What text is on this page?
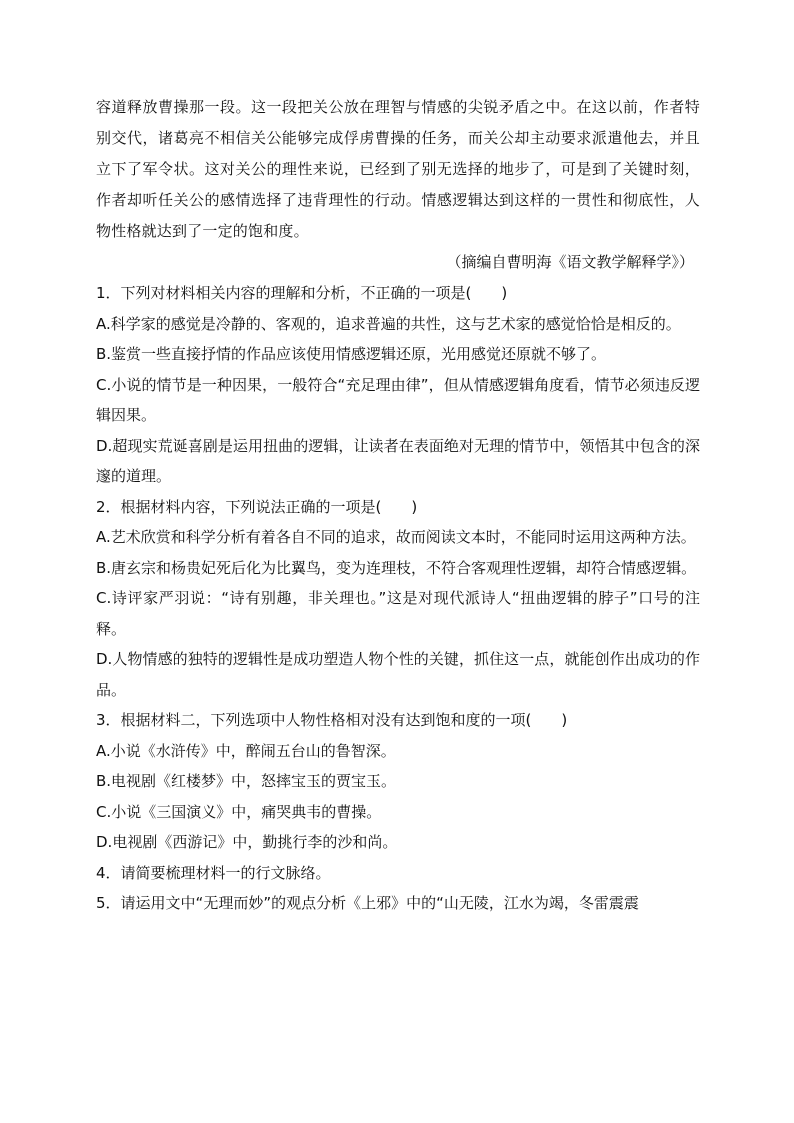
容道释放曹操那一段。这一段把关公放在理智与情感的尖锐矛盾之中。在这以前，作者特别交代，诸葛亮不相信关公能够完成俘虏曹操的任务，而关公却主动要求派遣他去，并且立下了军令状。这对关公的理性来说，已经到了别无选择的地步了，可是到了关键时刻，作者却听任关公的感情选择了违背理性的行动。情感逻辑达到这样的一贯性和彻底性，人物性格就达到了一定的饱和度。
（摘编自曹明海《语文教学解释学》）

1．下列对材料相关内容的理解和分析，不正确的一项是(　　)

A.科学家的感觉是冷静的、客观的，追求普遍的共性，这与艺术家的感觉恰恰是相反的。

B.鉴赏一些直接抒情的作品应该使用情感逻辑还原，光用感觉还原就不够了。

C.小说的情节是一种因果，一般符合“充足理由律”，但从情感逻辑角度看，情节必须违反逻辑因果。

D.超现实荒诞喜剧是运用扭曲的逻辑，让读者在表面绝对无理的情节中，领悟其中包含的深邃的道理。

2．根据材料内容，下列说法正确的一项是(　　)

A.艺术欣赏和科学分析有着各自不同的追求，故而阅读文本时，不能同时运用这两种方法。

B.唐玄宗和杨贵妃死后化为比翼鸟，变为连理枝，不符合客观理性逻辑，却符合情感逻辑。

C.诗评家严羽说：“诗有别趣，非关理也。”这是对现代派诗人“扭曲逻辑的脖子”口号的注释。

D.人物情感的独特的逻辑性是成功塑造人物个性的关键，抓住这一点，就能创作出成功的作品。

3．根据材料二，下列选项中人物性格相对没有达到饱和度的一项(　　)

A.小说《水浒传》中，醉闹五台山的鲁智深。

B.电视剧《红楼梦》中，怒摔宝玉的贾宝玉。

C.小说《三国演义》中，痛哭典韦的曹操。

D.电视剧《西游记》中，勤挑行李的沙和尚。

4．请简要梳理材料一的行文脉络。

5．请运用文中“无理而妙”的观点分析《上邪》中的“山无陵，江水为竭，冬雷震震
